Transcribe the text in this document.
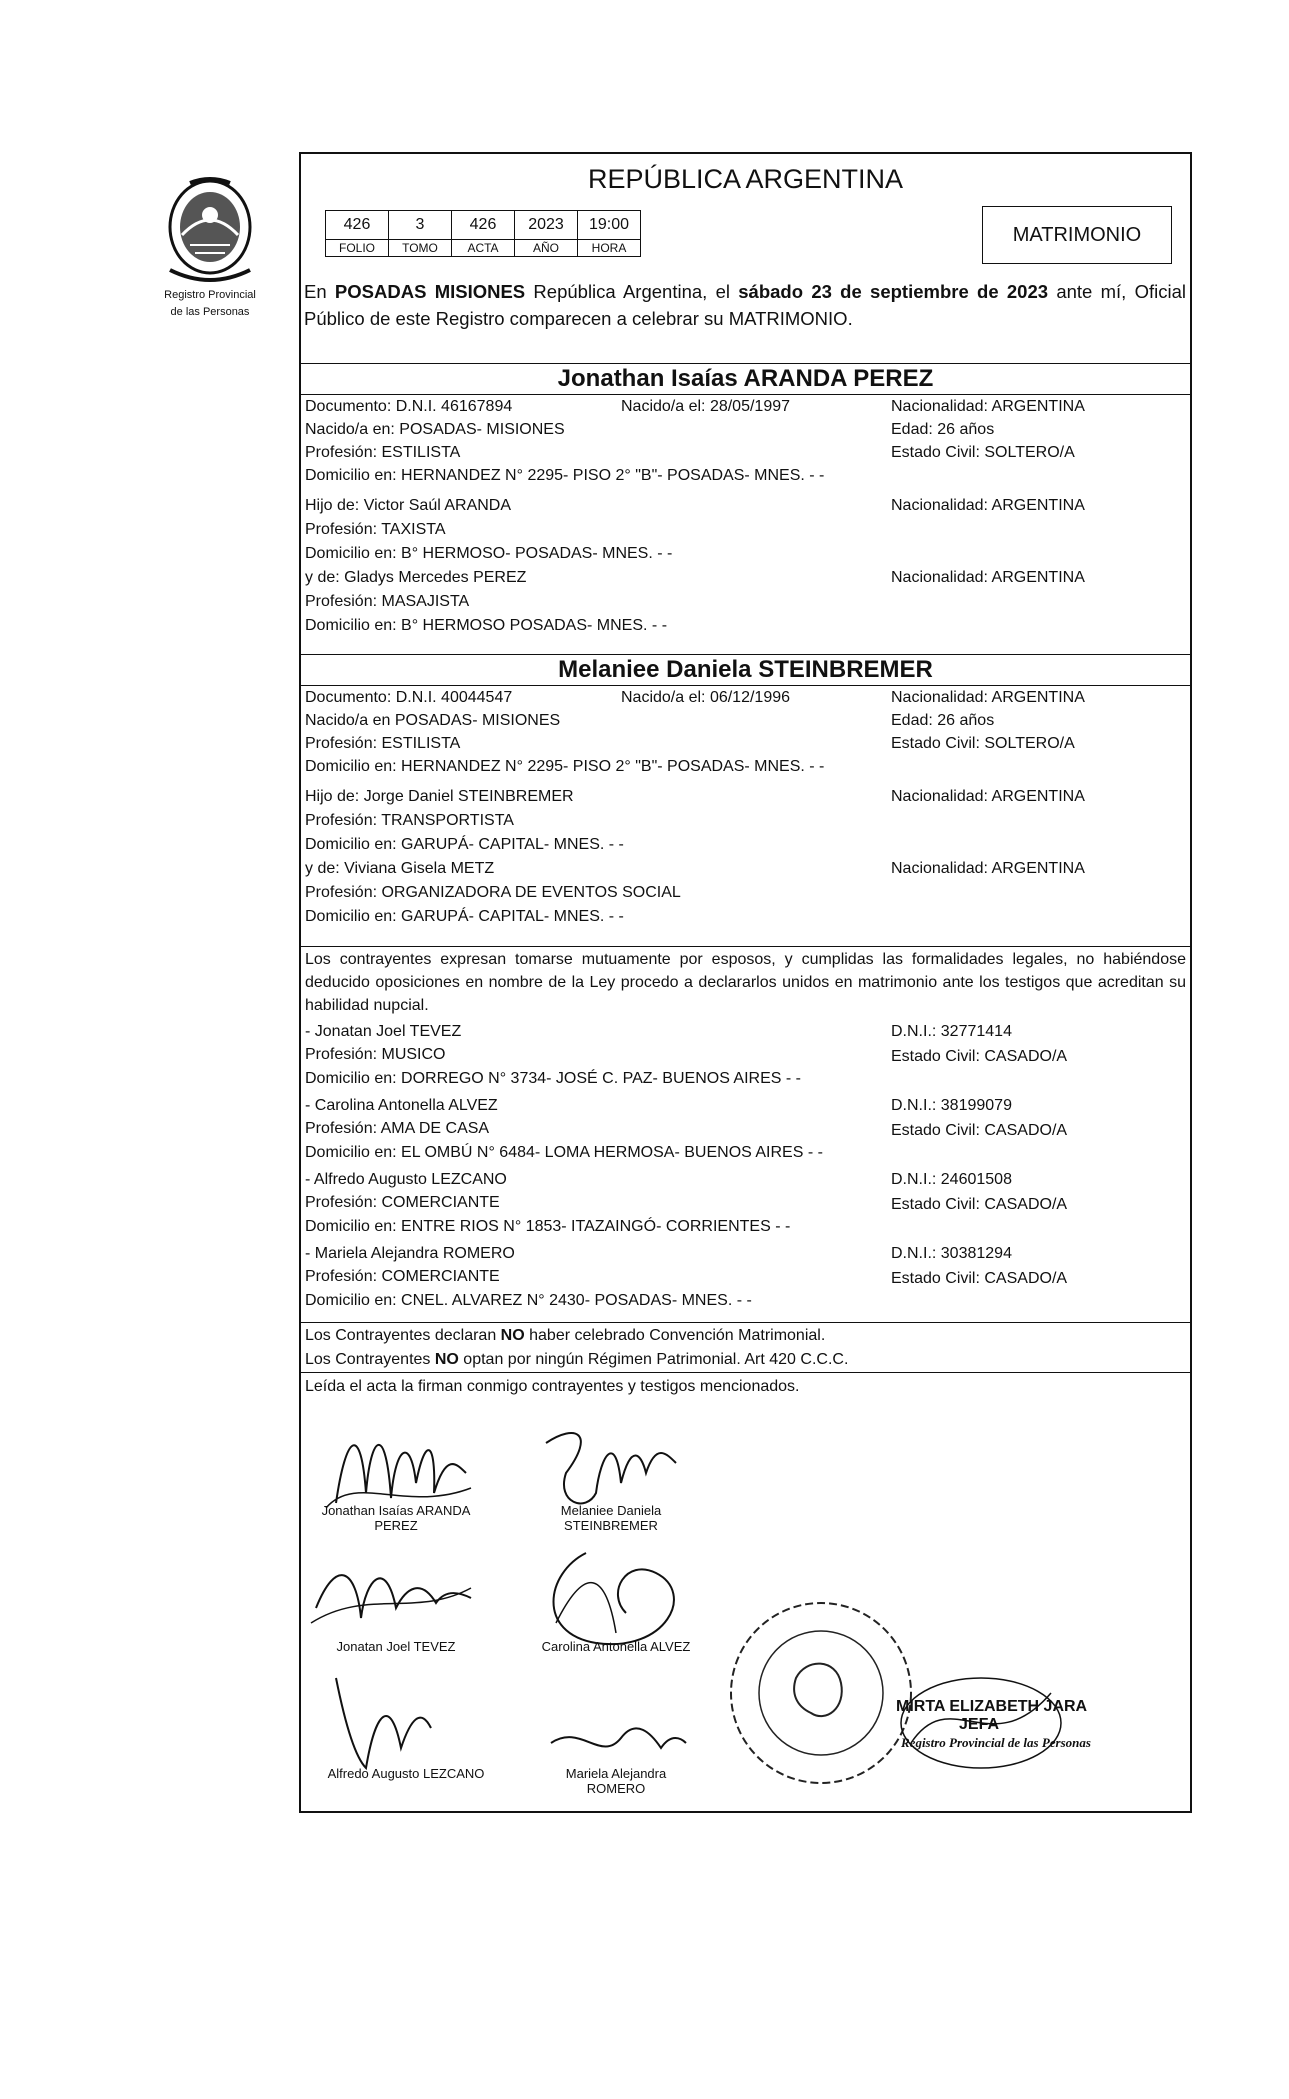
Registro Provincial
de las Personas
REPÚBLICA ARGENTINA
426	3	426	2023	19:00
FOLIO	TOMO	ACTA	AÑO	HORA
MATRIMONIO
En POSADAS MISIONES República Argentina, el sábado 23 de septiembre de 2023 ante mí, Oficial Público de este Registro comparecen a celebrar su MATRIMONIO.
Jonathan Isaías ARANDA PEREZ
Documento: D.N.I. 46167894	Nacido/a el: 28/05/1997	Nacionalidad: ARGENTINA
Nacido/a en: POSADAS- MISIONES	Edad: 26 años
Profesión: ESTILISTA	Estado Civil: SOLTERO/A
Domicilio en: HERNANDEZ N° 2295- PISO 2° "B"- POSADAS- MNES. - -
Hijo de: Victor Saúl ARANDA	Nacionalidad: ARGENTINA
Profesión: TAXISTA
Domicilio en: B° HERMOSO- POSADAS- MNES. - -
y de: Gladys Mercedes PEREZ	Nacionalidad: ARGENTINA
Profesión: MASAJISTA
Domicilio en: B° HERMOSO POSADAS- MNES. - -
Melaniee Daniela STEINBREMER
Documento: D.N.I. 40044547	Nacido/a el: 06/12/1996	Nacionalidad: ARGENTINA
Nacido/a en POSADAS- MISIONES	Edad: 26 años
Profesión: ESTILISTA	Estado Civil: SOLTERO/A
Domicilio en: HERNANDEZ N° 2295- PISO 2° "B"- POSADAS- MNES. - -
Hijo de: Jorge Daniel STEINBREMER	Nacionalidad: ARGENTINA
Profesión: TRANSPORTISTA
Domicilio en: GARUPÁ- CAPITAL- MNES. - -
y de: Viviana Gisela METZ	Nacionalidad: ARGENTINA
Profesión: ORGANIZADORA DE EVENTOS SOCIAL
Domicilio en: GARUPÁ- CAPITAL- MNES. - -
Los contrayentes expresan tomarse mutuamente por esposos, y cumplidas las formalidades legales, no habiéndose deducido oposiciones en nombre de la Ley procedo a declararlos unidos en matrimonio ante los testigos que acreditan su habilidad nupcial.
- Jonatan Joel TEVEZ	D.N.I.: 32771414
Profesión: MUSICO	Estado Civil: CASADO/A
Domicilio en: DORREGO N° 3734- JOSÉ C. PAZ- BUENOS AIRES - -
- Carolina Antonella ALVEZ	D.N.I.: 38199079
Profesión: AMA DE CASA	Estado Civil: CASADO/A
Domicilio en: EL OMBÚ N° 6484- LOMA HERMOSA- BUENOS AIRES - -
- Alfredo Augusto LEZCANO	D.N.I.: 24601508
Profesión: COMERCIANTE	Estado Civil: CASADO/A
Domicilio en: ENTRE RIOS N° 1853- ITAZAINGÓ- CORRIENTES - -
- Mariela Alejandra ROMERO	D.N.I.: 30381294
Profesión: COMERCIANTE	Estado Civil: CASADO/A
Domicilio en: CNEL. ALVAREZ N° 2430- POSADAS- MNES. - -
Los Contrayentes declaran NO haber celebrado Convención Matrimonial.
Los Contrayentes NO optan por ningún Régimen Patrimonial. Art 420 C.C.C.
Leída el acta la firman conmigo contrayentes y testigos mencionados.
Jonathan Isaías ARANDA
PEREZ
Melaniee Daniela
STEINBREMER
Jonatan Joel TEVEZ	Carolina Antonella ALVEZ
Alfredo Augusto LEZCANO	Mariela Alejandra
ROMERO
MIRTA ELIZABETH JARA
JEFA
Registro Provincial de las Personas
